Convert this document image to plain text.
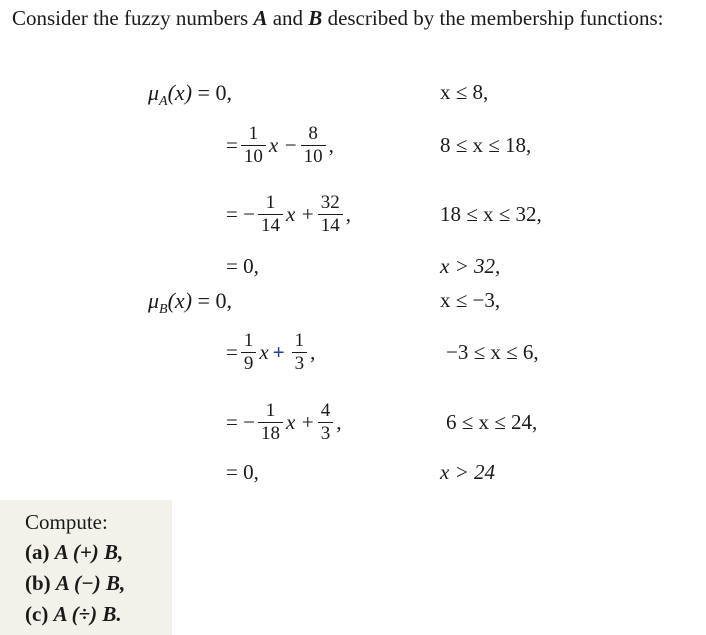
Consider the fuzzy numbers A and B described by the membership functions:
$\mu_A(x) = 0$,	x ≤ 8,
= $\frac{1}{10}$ $x - \frac{8}{10}$ ,	8 ≤ x ≤ 18,
= − $\frac{1}{14}$ $x + \frac{32}{14}$ ,	18 ≤ x ≤ 32,
= 0,	x > 32,
$\mu_B(x) = 0$,	x ≤ −3,
= $\frac{1}{9}$ $x + \frac{1}{3}$ ,	−3 ≤ x ≤ 6,
= − $\frac{1}{18}$ $x + \frac{4}{3}$ ,	6 ≤ x ≤ 24,
= 0,	x > 24
Compute:
(a) A (+) B,
(b) A (−) B,
(c) A (÷) B.
